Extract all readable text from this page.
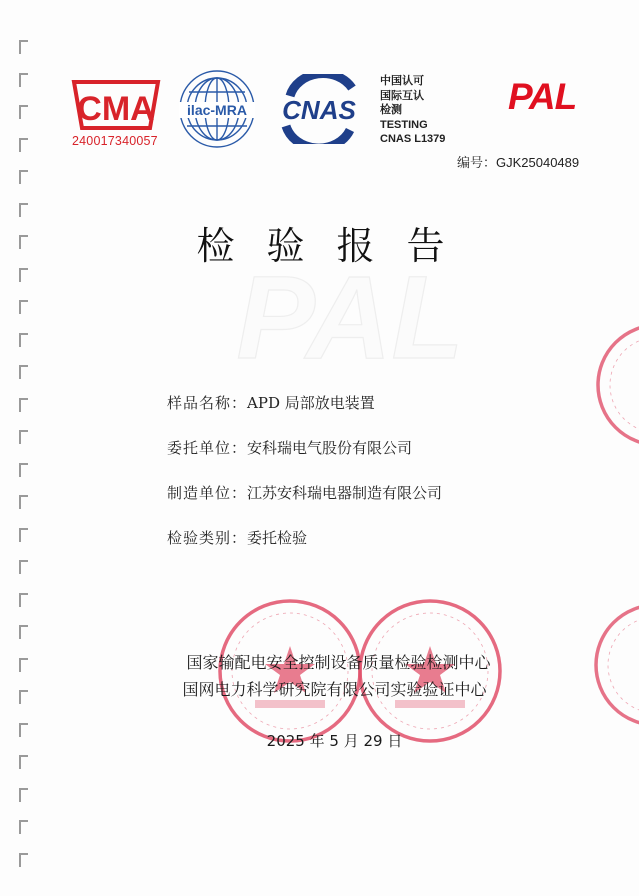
CMA
240017340057
ilac-MRA CNAS
中国认可
国际互认
检测
TESTING
CNAS L1379
PAL
编号：GJK25040489
检验报告
PAL
样品名称：APD 局部放电装置
委托单位：安科瑞电气股份有限公司
制造单位：江苏安科瑞电器制造有限公司
检验类别：委托检验
国家输配电安全控制设备质量检验检测中心
国网电力科学研究院有限公司实验验证中心
2025 年 5 月 29 日
